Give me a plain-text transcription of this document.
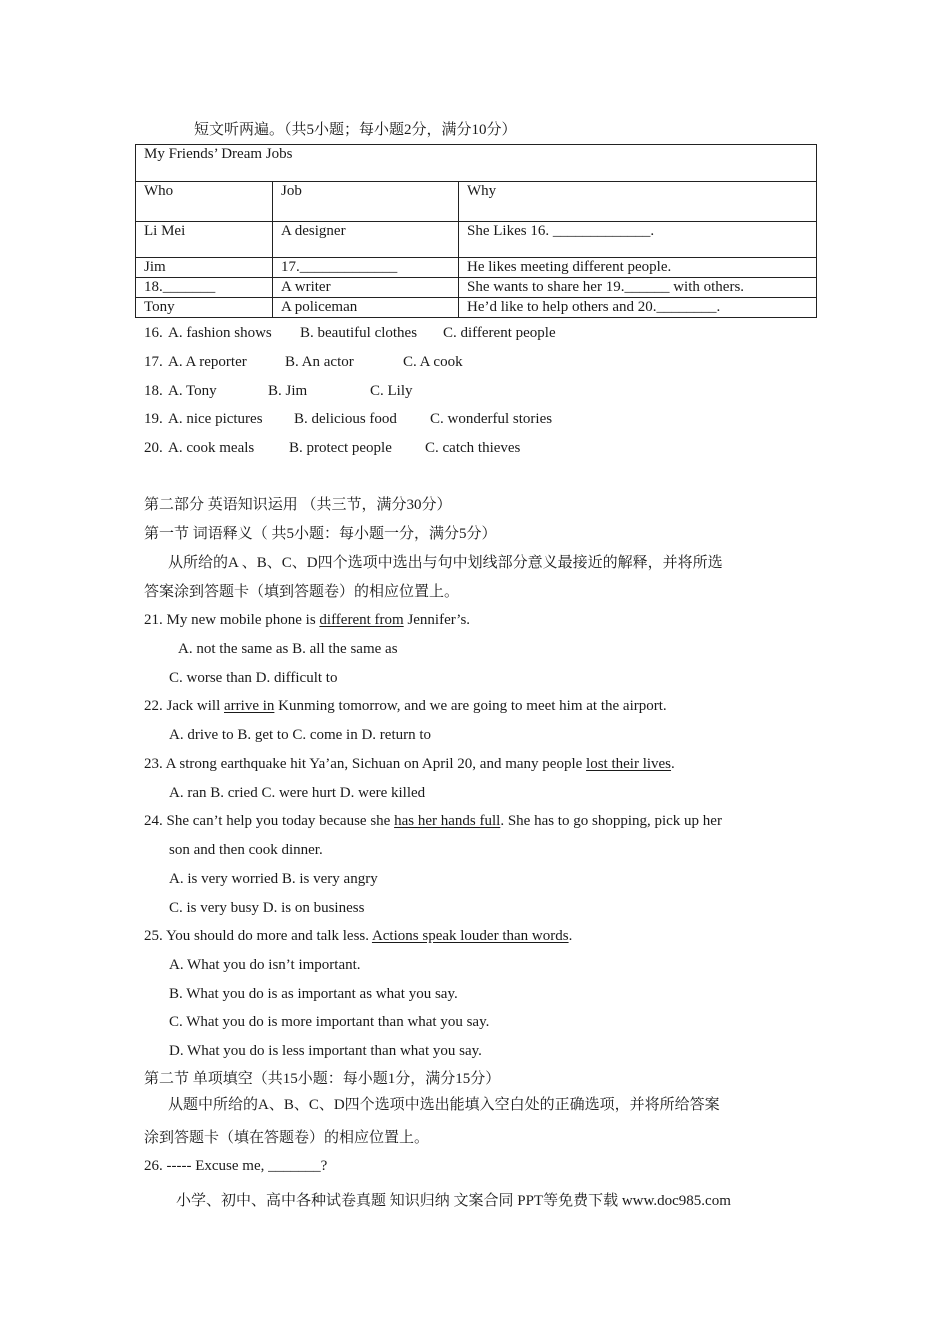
短文听两遍。（共5小题；每小题2分，满分10分）
My Friends’ Dream Jobs		
Who	Job	Why
Li Mei	A designer	She Likes 16. _____________.
Jim	17._____________	He likes meeting different people.
18._______	A writer	She wants to share her 19.______ with others.
Tony	A policeman	He’d like to help others and 20.________.
16. A. fashion shows B. beautiful clothes C. different people
17. A. A reporter	B. An actor	C. A cook
18. A. Tony	B. Jim	C. Lily
19. A. nice pictures B. delicious food C. wonderful stories
20. A. cook meals B. protect people C. catch thieves
第二部分 英语知识运用 （共三节，满分30分）
第一节 词语释义（ 共5小题：每小题一分，满分5分）
从所给的A 、B、C、D四个选项中选出与句中划线部分意义最接近的解释，并将所选
答案涂到答题卡（填到答题卷）的相应位置上。
21. My new mobile phone is different from Jennifer’s.
A. not the same as B. all the same as
C. worse than D. difficult to
22. Jack will arrive in Kunming tomorrow, and we are going to meet him at the airport.
A. drive to B. get to C. come in D. return to
23. A strong earthquake hit Ya’an, Sichuan on April 20, and many people lost their lives.
A. ran B. cried C. were hurt D. were killed
24. She can’t help you today because she has her hands full. She has to go shopping, pick up her
son and then cook dinner.
A. is very worried B. is very angry
C. is very busy D. is on business
25. You should do more and talk less. Actions speak louder than words.
A. What you do isn’t important.
B. What you do is as important as what you say.
C. What you do is more important than what you say.
D. What you do is less important than what you say.
第二节 单项填空（共15小题：每小题1分，满分15分）
从题中所给的A、B、C、D四个选项中选出能填入空白处的正确选项，并将所给答案
涂到答题卡（填在答题卷）的相应位置上。
26. ----- Excuse me, _______?
小学、初中、高中各种试卷真题 知识归纳 文案合同 PPT等免费下载 www.doc985.com
